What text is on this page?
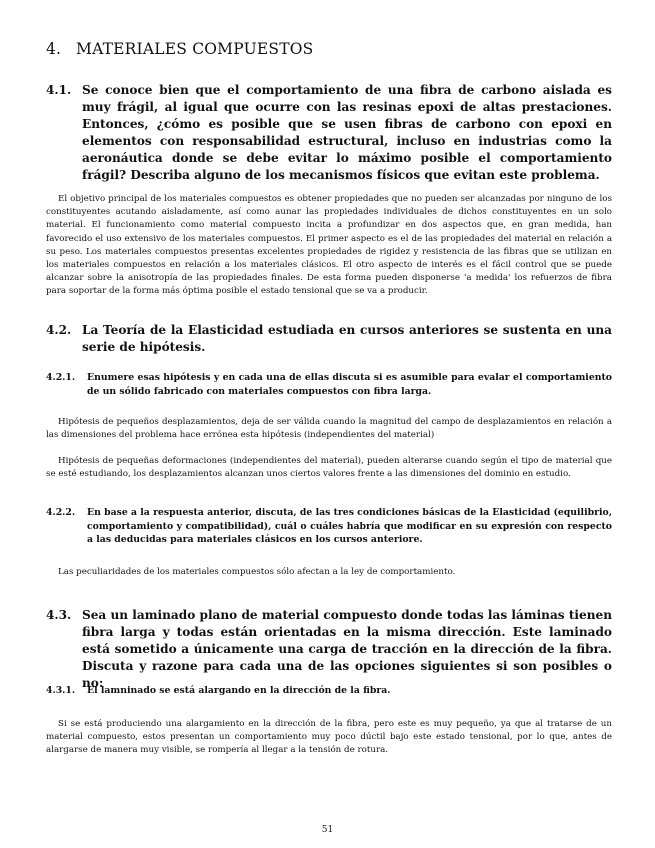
4. MATERIALES COMPUESTOS
4.1. Se conoce bien que el comportamiento de una fibra de carbono aislada es muy frágil, al igual que ocurre con las resinas epoxi de altas prestaciones. Entonces, ¿cómo es posible que se usen fibras de carbono con epoxi en elementos con responsabilidad estructural, incluso en industrias como la aeronáutica donde se debe evitar lo máximo posible el comportamiento frágil? Describa alguno de los mecanismos físicos que evitan este problema.
El objetivo principal de los materiales compuestos es obtener propiedades que no pueden ser alcanzadas por ninguno de los constituyentes acutando aisladamente, así como aunar las propiedades individuales de dichos constituyentes en un solo material. El funcionamiento como material compuesto incita a profundizar en dos aspectos que, en gran medida, han favorecido el uso extensivo de los materiales compuestos. El primer aspecto es el de las propiedades del material en relación a su peso. Los materiales compuestos presentas excelentes propiedades de rigidez y resistencia de las fibras que se utilizan en los materiales compuestos en relación a los materiales clásicos. El otro aspecto de interés es el fácil control que se puede alcanzar sobre la anisotropía de las propiedades finales. De esta forma pueden disponerse 'a medida' los refuerzos de fibra para soportar de la forma más óptima posible el estado tensional que se va a producir.
4.2. La Teoría de la Elasticidad estudiada en cursos anteriores se sustenta en una serie de hipótesis.
4.2.1. Enumere esas hipótesis y en cada una de ellas discuta si es asumible para evalar el comportamiento de un sólido fabricado con materiales compuestos con fibra larga.
Hipótesis de pequeños desplazamientos, deja de ser válida cuando la magnitud del campo de desplazamientos en relación a las dimensiones del problema hace errónea esta hipótesis (independientes del material)
Hipótesis de pequeñas deformaciones (independientes del material), pueden alterarse cuando según el tipo de material que se esté estudiando, los desplazamientos alcanzan unos ciertos valores frente a las dimensiones del dominio en estudio.
4.2.2. En base a la respuesta anterior, discuta, de las tres condiciones básicas de la Elasticidad (equilibrio, comportamiento y compatibilidad), cuál o cuáles habría que modificar en su expresión con respecto a las deducidas para materiales clásicos en los cursos anteriore.
Las peculiaridades de los materiales compuestos sólo afectan a la ley de comportamiento.
4.3. Sea un laminado plano de material compuesto donde todas las láminas tienen fibra larga y todas están orientadas en la misma dirección. Este laminado está sometido a únicamente una carga de tracción en la dirección de la fibra. Discuta y razone para cada una de las opciones siguientes si son posibles o no:
4.3.1. El lamninado se está alargando en la dirección de la fibra.
Si se está produciendo una alargamiento en la dirección de la fibra, pero este es muy pequeño, ya que al tratarse de un material compuesto, estos presentan un comportamiento muy poco dúctil bajo este estado tensional, por lo que, antes de alargarse de manera muy visible, se rompería al llegar a la tensión de rotura.
51
